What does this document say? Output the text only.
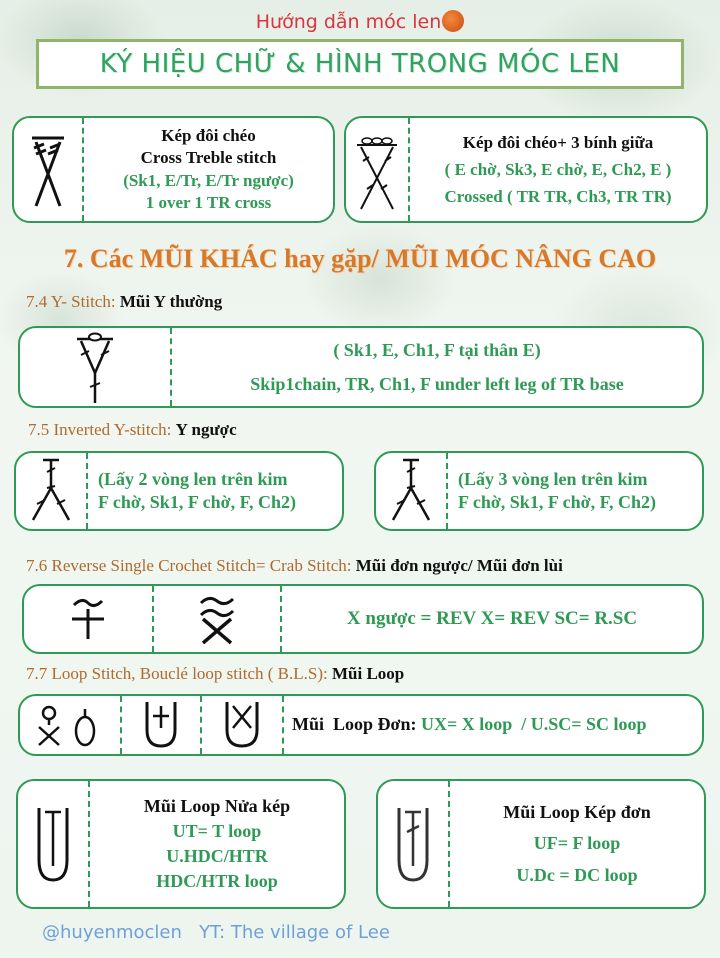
Hướng dẫn móc len
KÝ HIỆU CHỮ & HÌNH TRONG MÓC LEN
Kép đôi chéo
Cross Treble stitch
(Sk1, E/Tr, E/Tr ngược)
1 over 1 TR cross
Kép đôi chéo+ 3 bính giữa
( E chờ, Sk3, E chờ, E, Ch2, E )
Crossed ( TR TR, Ch3, TR TR)
7. Các MŨI KHÁC hay gặp/ MŨI MÓC NÂNG CAO
7.4 Y- Stitch: Mũi Y thường
( Sk1, E, Ch1, F tại thân E)
Skip1chain, TR, Ch1, F under left leg of TR base
7.5 Inverted Y-stitch: Y ngược
(Lấy 2 vòng len trên kim
F chờ, Sk1, F chờ, F, Ch2)
(Lấy 3 vòng len trên kim
F chờ, Sk1, F chờ, F, Ch2)
7.6 Reverse Single Crochet Stitch= Crab Stitch: Mũi đơn ngược/ Mũi đơn lùi
X ngược = REV X= REV SC= R.SC
7.7 Loop Stitch, Bouclé loop stitch ( B.L.S): Mũi Loop
Mũi  Loop Đơn:
UX= X loop  / U.SC= SC loop
Mũi Loop Nửa kép
UT= T loop
U.HDC/HTR
HDC/HTR loop
Mũi Loop Kép đơn
UF= F loop
U.Dc = DC loop
@huyenmoclen YT: The village of Lee
